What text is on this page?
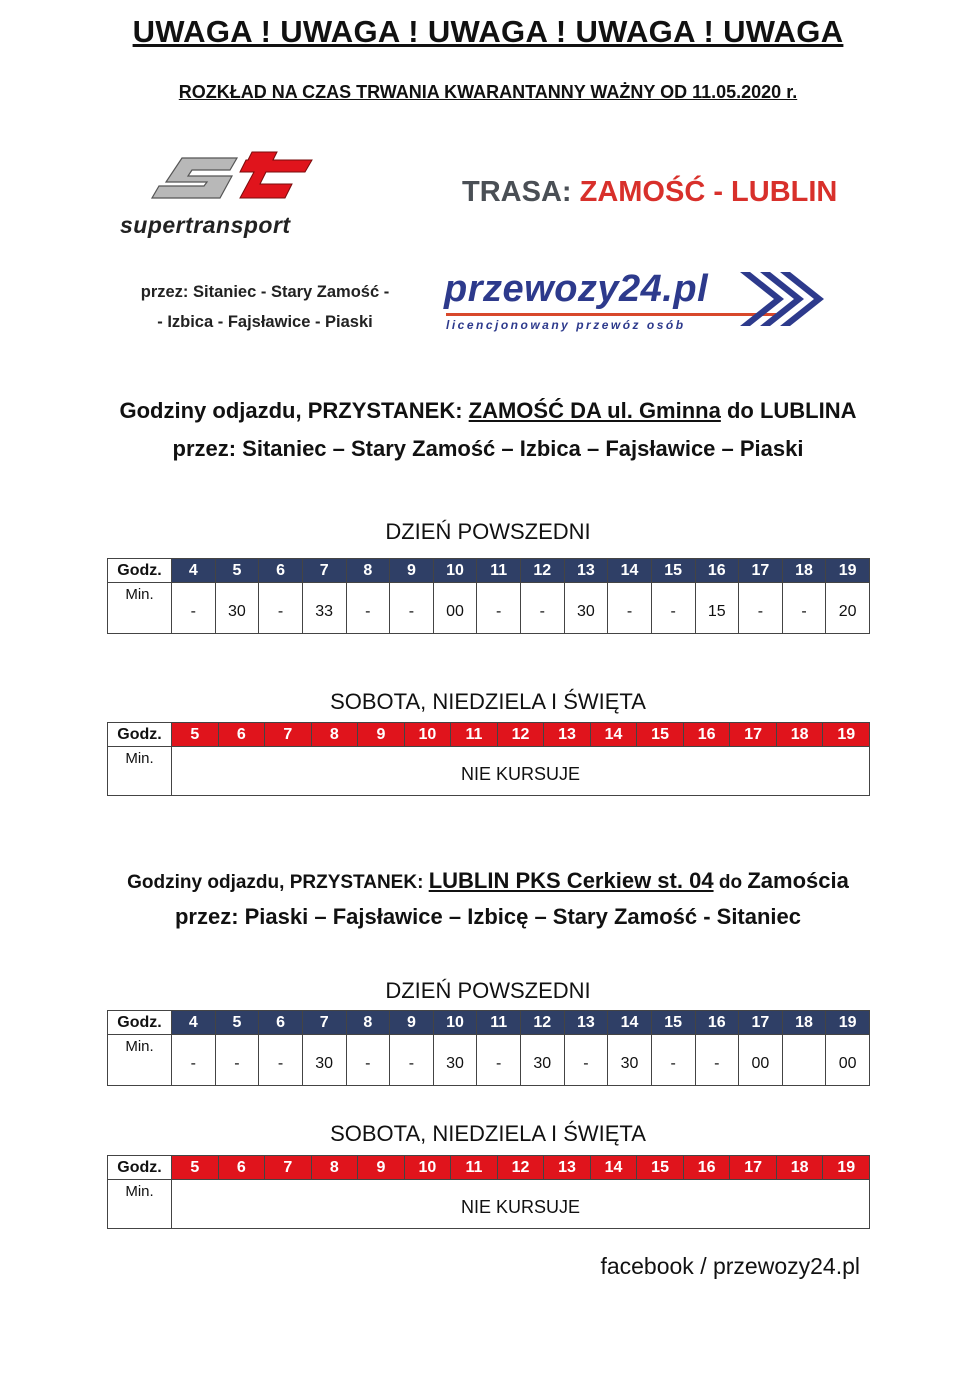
UWAGA ! UWAGA ! UWAGA ! UWAGA ! UWAGA
ROZKŁAD NA CZAS TRWANIA KWARANTANNY WAŻNY OD 11.05.2020 r.
supertransport
TRASA: ZAMOŚĆ - LUBLIN
przez: Sitaniec - Stary Zamość -
- Izbica - Fajsławice - Piaski
przewozy24.pl
licencjonowany przewóz osób
Godziny odjazdu, PRZYSTANEK: ZAMOŚĆ DA ul. Gminna do LUBLINA
przez: Sitaniec – Stary Zamość – Izbica – Fajsławice – Piaski
DZIEŃ POWSZEDNI
Godz.	4	5	6	7	8	9	10	11	12	13	14	15	16	17	18	19
Min.	-	30	-	33	-	-	00	-	-	30	-	-	15	-	-	20
SOBOTA, NIEDZIELA I ŚWIĘTA
Godz.	5	6	7	8	9	10	11	12	13	14	15	16	17	18	19
Min.	NIE KURSUJE														
Godziny odjazdu, PRZYSTANEK: LUBLIN PKS Cerkiew st. 04 do Zamościa
przez: Piaski – Fajsławice – Izbicę – Stary Zamość - Sitaniec
DZIEŃ POWSZEDNI
Godz.	4	5	6	7	8	9	10	11	12	13	14	15	16	17	18	19
Min.	-	-	-	30	-	-	30	-	30	-	30	-	-	00		00
SOBOTA, NIEDZIELA I ŚWIĘTA
Godz.	5	6	7	8	9	10	11	12	13	14	15	16	17	18	19
Min.	NIE KURSUJE														
facebook / przewozy24.pl
